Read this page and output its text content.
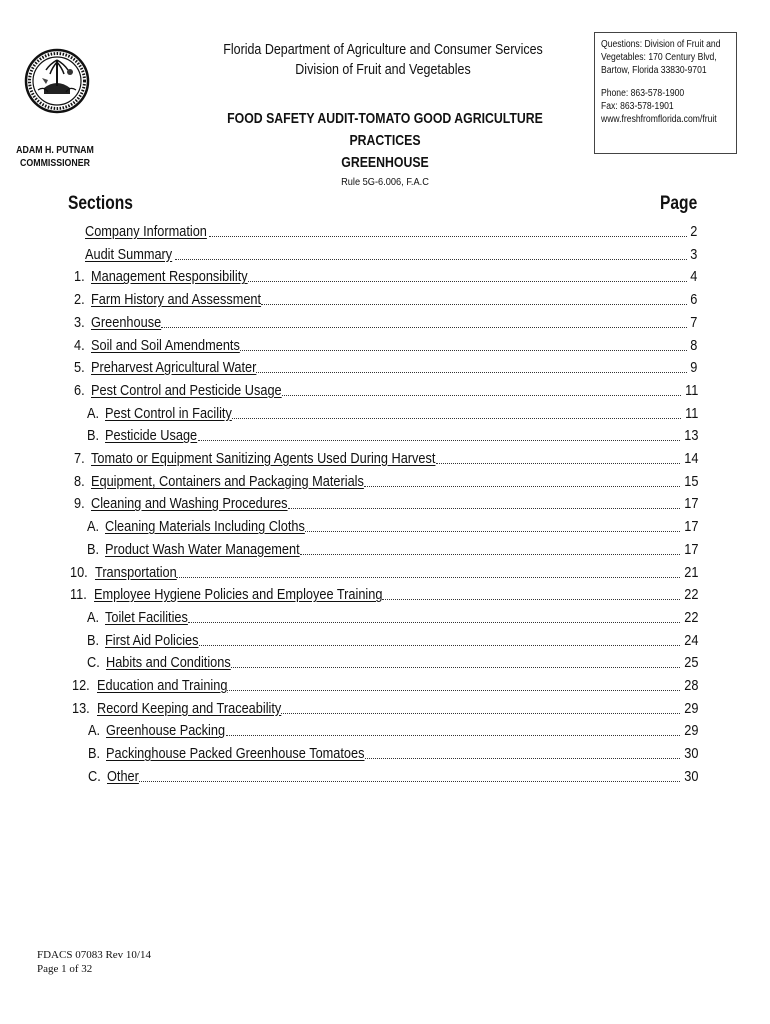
ADAM H. PUTNAM
COMMISSIONER
Florida Department of Agriculture and Consumer Services
Division of Fruit and Vegetables
FOOD SAFETY AUDIT-TOMATO GOOD AGRICULTURE PRACTICES
GREENHOUSE
Rule 5G-6.006, F.A.C
Questions: Division of Fruit and
Vegetables: 170 Century Blvd,
Bartow, Florida 33830-9701
Phone: 863-578-1900
Fax: 863-578-1901
www.freshfromflorida.com/fruit
Sections	Page
Company Information	2
Audit Summary	3
1. Management Responsibility	4
2. Farm History and Assessment	6
3. Greenhouse	7
4. Soil and Soil Amendments	8
5. Preharvest Agricultural Water	9
6. Pest Control and Pesticide Usage	11
A. Pest Control in Facility	11
B. Pesticide Usage	13
7. Tomato or Equipment Sanitizing Agents Used During Harvest	14
8. Equipment, Containers and Packaging Materials	15
9. Cleaning and Washing Procedures	17
A. Cleaning Materials Including Cloths	17
B. Product Wash Water Management	17
10. Transportation	21
11. Employee Hygiene Policies and Employee Training	22
A. Toilet Facilities	22
B. First Aid Policies	24
C. Habits and Conditions	25
12. Education and Training	28
13. Record Keeping and Traceability	29
A. Greenhouse Packing	29
B. Packinghouse Packed Greenhouse Tomatoes	30
C. Other	30
FDACS 07083 Rev 10/14
Page 1 of 32
